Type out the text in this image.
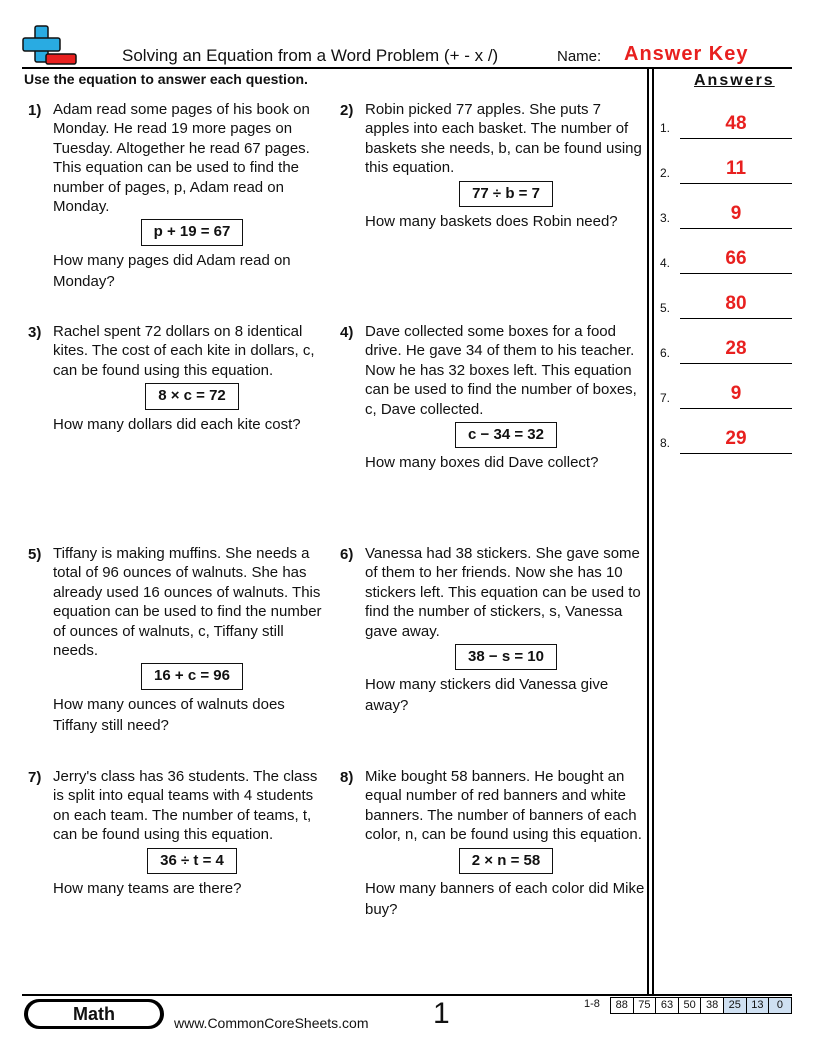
Solving an Equation from a Word Problem (+ - x /)	Name: Answer Key
Use the equation to answer each question.	Answers
1) Adam read some pages of his book on Monday. He read 19 more pages on Tuesday. Altogether he read 67 pages. This equation can be used to find the number of pages, p, Adam read on Monday.

p + 19 = 67

How many pages did Adam read on Monday?

2) Robin picked 77 apples. She puts 7 apples into each basket. The number of baskets she needs, b, can be found using this equation.

77 ÷ b = 7

How many baskets does Robin need?

3) Rachel spent 72 dollars on 8 identical kites. The cost of each kite in dollars, c, can be found using this equation.

8 × c = 72

How many dollars did each kite cost?

4) Dave collected some boxes for a food drive. He gave 34 of them to his teacher. Now he has 32 boxes left. This equation can be used to find the number of boxes, c, Dave collected.

c − 34 = 32

How many boxes did Dave collect?

5) Tiffany is making muffins. She needs a total of 96 ounces of walnuts. She has already used 16 ounces of walnuts. This equation can be used to find the number of ounces of walnuts, c, Tiffany still needs.

16 + c = 96

How many ounces of walnuts does Tiffany still need?

6) Vanessa had 38 stickers. She gave some of them to her friends. Now she has 10 stickers left. This equation can be used to find the number of stickers, s, Vanessa gave away.

38 − s = 10

How many stickers did Vanessa give away?

7) Jerry's class has 36 students. The class is split into equal teams with 4 students on each team. The number of teams, t, can be found using this equation.

36 ÷ t = 4

How many teams are there?

8) Mike bought 58 banners. He bought an equal number of red banners and white banners. The number of banners of each color, n, can be found using this equation.

2 × n = 58

How many banners of each color did Mike buy?

1.	48
2.	11
3.	9
4.	66
5.	80
6.	28
7.	9
8.	29
Math	www.CommonCoreSheets.com 1	1-8	88 75 63 50 38 25 13	0
